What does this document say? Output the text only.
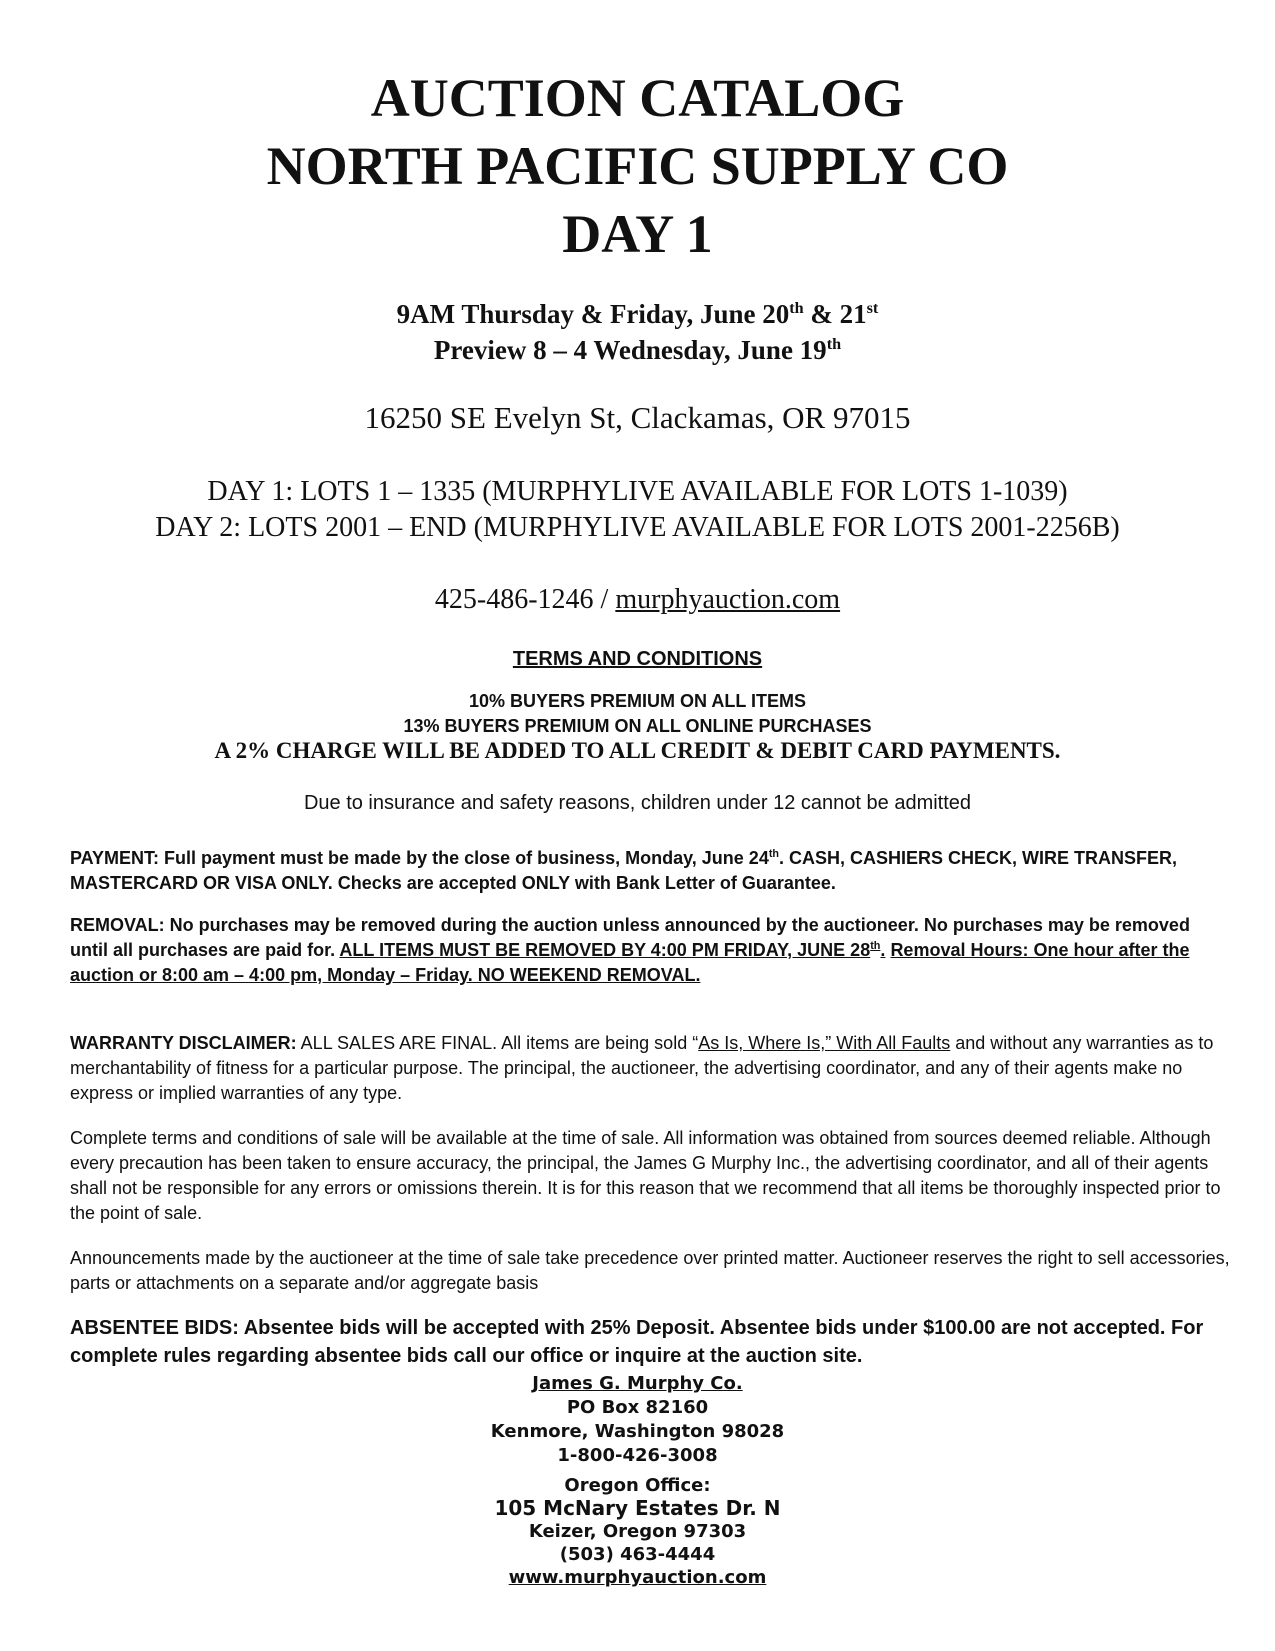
AUCTION CATALOG
NORTH PACIFIC SUPPLY CO
DAY 1
9AM Thursday & Friday, June 20th & 21st
Preview 8 – 4 Wednesday, June 19th
16250 SE Evelyn St, Clackamas, OR 97015
DAY 1: LOTS 1 – 1335 (MURPHYLIVE AVAILABLE FOR LOTS 1-1039)
DAY 2: LOTS 2001 – END (MURPHYLIVE AVAILABLE FOR LOTS 2001-2256B)
425-486-1246 / murphyauction.com
TERMS AND CONDITIONS
10% BUYERS PREMIUM ON ALL ITEMS
13% BUYERS PREMIUM ON ALL ONLINE PURCHASES
A 2% CHARGE WILL BE ADDED TO ALL CREDIT & DEBIT CARD PAYMENTS.
Due to insurance and safety reasons, children under 12 cannot be admitted
PAYMENT: Full payment must be made by the close of business, Monday, June 24th. CASH, CASHIERS CHECK, WIRE TRANSFER, MASTERCARD OR VISA ONLY. Checks are accepted ONLY with Bank Letter of Guarantee.
REMOVAL: No purchases may be removed during the auction unless announced by the auctioneer. No purchases may be removed until all purchases are paid for. ALL ITEMS MUST BE REMOVED BY 4:00 PM FRIDAY, JUNE 28th. Removal Hours: One hour after the auction or 8:00 am – 4:00 pm, Monday – Friday. NO WEEKEND REMOVAL.
WARRANTY DISCLAIMER: ALL SALES ARE FINAL. All items are being sold “As Is, Where Is,” With All Faults and without any warranties as to merchantability of fitness for a particular purpose. The principal, the auctioneer, the advertising coordinator, and any of their agents make no express or implied warranties of any type.
Complete terms and conditions of sale will be available at the time of sale. All information was obtained from sources deemed reliable. Although every precaution has been taken to ensure accuracy, the principal, the James G Murphy Inc., the advertising coordinator, and all of their agents shall not be responsible for any errors or omissions therein. It is for this reason that we recommend that all items be thoroughly inspected prior to the point of sale.
Announcements made by the auctioneer at the time of sale take precedence over printed matter. Auctioneer reserves the right to sell accessories, parts or attachments on a separate and/or aggregate basis
ABSENTEE BIDS: Absentee bids will be accepted with 25% Deposit. Absentee bids under $100.00 are not accepted. For complete rules regarding absentee bids call our office or inquire at the auction site.
James G. Murphy Co.
PO Box 82160
Kenmore, Washington 98028
1-800-426-3008
Oregon Office:
105 McNary Estates Dr. N
Keizer, Oregon 97303
(503) 463-4444
www.murphyauction.com
